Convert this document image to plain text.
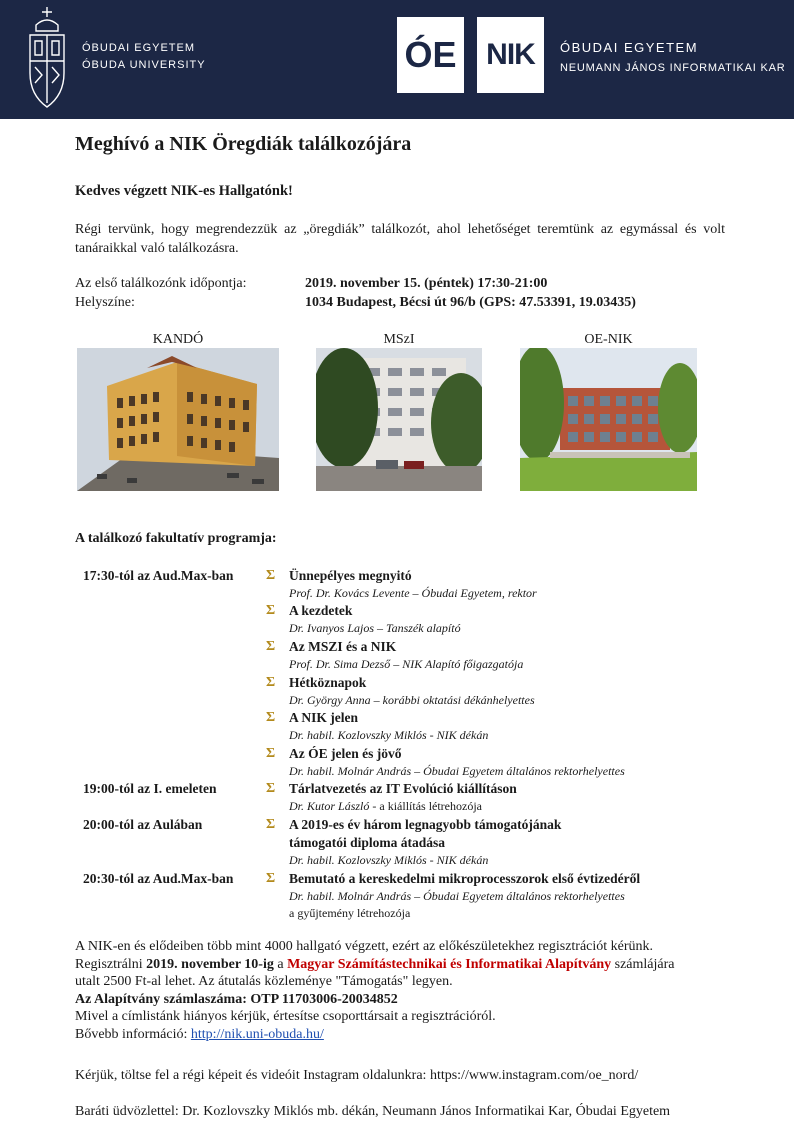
ÓBUDAI EGYETEM
ÓBUDA UNIVERSITY	ÓE NIK ÓBUDAI EGYETEM
NEUMANN JÁNOS INFORMATIKAI KAR
Meghívó a NIK Öregdiák találkozójára

Kedves végzett NIK-es Hallgatónk!

Régi tervünk, hogy megrendezzük az „öregdiák” találkozót, ahol lehetőséget teremtünk az egymással és volt tanáraikkal való találkozásra.

Az első találkozónk időpontja:	2019. november 15. (péntek) 17:30-21:00
Helyszíne:	1034 Budapest, Bécsi út 96/b (GPS: 47.53391, 19.03435)
KANDÓ	MSzI	OE-NIK
A találkozó fakultatív programja:
17:30-tól az Aud.Max-ban Σ Ünnepélyes megnyitó
Prof. Dr. Kovács Levente – Óbudai Egyetem, rektor
Σ A kezdetek
Dr. Ivanyos Lajos – Tanszék alapító
Σ Az MSZI és a NIK
Prof. Dr. Sima Dezső – NIK Alapító főigazgatója
Σ Hétköznapok
Dr. György Anna – korábbi oktatási dékánhelyettes
Σ A NIK jelen
Dr. habil. Kozlovszky Miklós - NIK dékán
Σ Az ÓE jelen és jövő
Dr. habil. Molnár András – Óbudai Egyetem általános rektorhelyettes
19:00-tól az I. emeleten	Σ Tárlatvezetés az IT Evolúció kiállításon
Dr. Kutor László - a kiállítás létrehozója
20:00-tól az Aulában	Σ A 2019-es év három legnagyobb támogatójának
támogatói diploma átadása
Dr. habil. Kozlovszky Miklós - NIK dékán
20:30-tól az Aud.Max-ban Σ Bemutató a kereskedelmi mikroprocesszorok első évtizedéről
Dr. habil. Molnár András – Óbudai Egyetem általános rektorhelyettes
a gyűjtemény létrehozója
A NIK-en és elődeiben több mint 4000 hallgató végzett, ezért az előkészületekhez regisztrációt kérünk.
Regisztrálni 2019. november 10-ig a Magyar Számítástechnikai és Informatikai Alapítvány számlájára
utalt 2500 Ft-al lehet. Az átutalás közleménye "Támogatás" legyen.
Az Alapítvány számlaszáma: OTP 11703006-20034852
Mivel a címlistánk hiányos kérjük, értesítse csoporttársait a regisztrációról.
Bővebb információ: http://nik.uni-obuda.hu/
Kérjük, töltse fel a régi képeit és videóit Instagram oldalunkra: https://www.instagram.com/oe_nord/
Baráti üdvözlettel: Dr. Kozlovszky Miklós mb. dékán, Neumann János Informatikai Kar, Óbudai Egyetem
